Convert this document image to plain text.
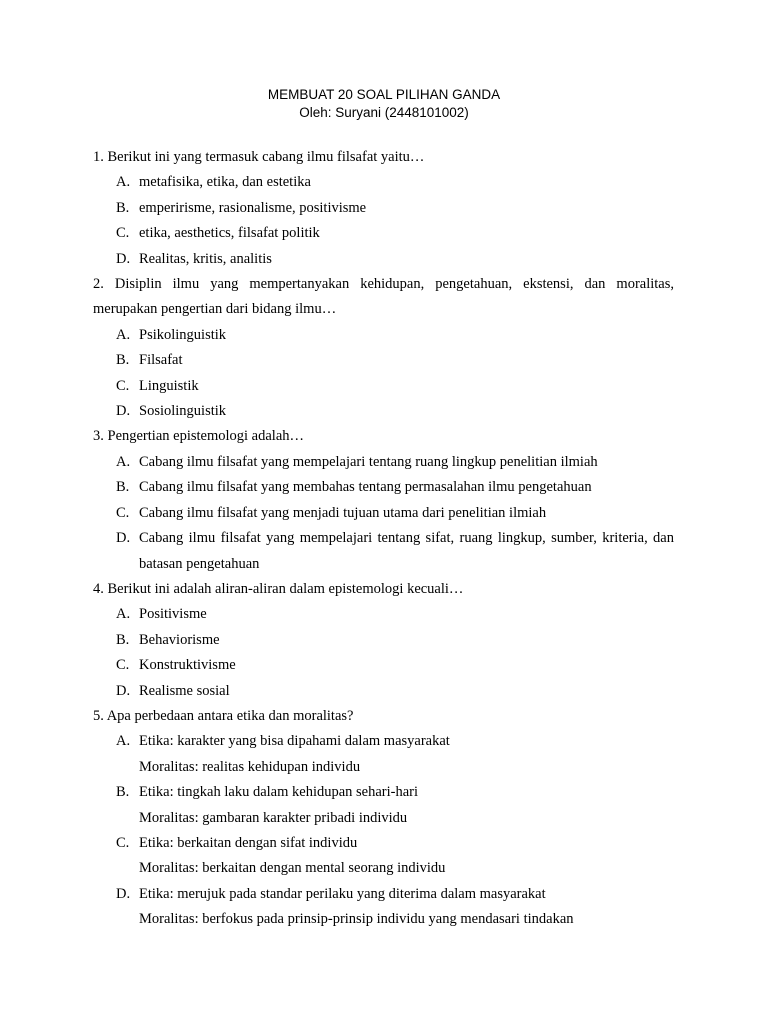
MEMBUAT 20 SOAL PILIHAN GANDA
Oleh: Suryani (2448101002)
1. Berikut ini yang termasuk cabang ilmu filsafat yaitu…
A. metafisika, etika, dan estetika
B. emperirisme, rasionalisme, positivisme
C. etika, aesthetics, filsafat politik
D. Realitas, kritis, analitis
2. Disiplin ilmu yang mempertanyakan kehidupan, pengetahuan, ekstensi, dan moralitas, merupakan pengertian dari bidang ilmu…
A. Psikolinguistik
B. Filsafat
C. Linguistik
D. Sosiolinguistik
3. Pengertian epistemologi adalah…
A. Cabang ilmu filsafat yang mempelajari tentang ruang lingkup penelitian ilmiah
B. Cabang ilmu filsafat yang membahas tentang permasalahan ilmu pengetahuan
C. Cabang ilmu filsafat yang menjadi tujuan utama dari penelitian ilmiah
D. Cabang ilmu filsafat yang mempelajari tentang sifat, ruang lingkup, sumber, kriteria, dan batasan pengetahuan
4. Berikut ini adalah aliran-aliran dalam epistemologi kecuali…
A. Positivisme
B. Behaviorisme
C. Konstruktivisme
D. Realisme sosial
5. Apa perbedaan antara etika dan moralitas?
A. Etika: karakter yang bisa dipahami dalam masyarakat
Moralitas: realitas kehidupan individu
B. Etika: tingkah laku dalam kehidupan sehari-hari
Moralitas: gambaran karakter pribadi individu
C. Etika: berkaitan dengan sifat individu
Moralitas: berkaitan dengan mental seorang individu
D. Etika: merujuk pada standar perilaku yang diterima dalam masyarakat
Moralitas: berfokus pada prinsip-prinsip individu yang mendasari tindakan
